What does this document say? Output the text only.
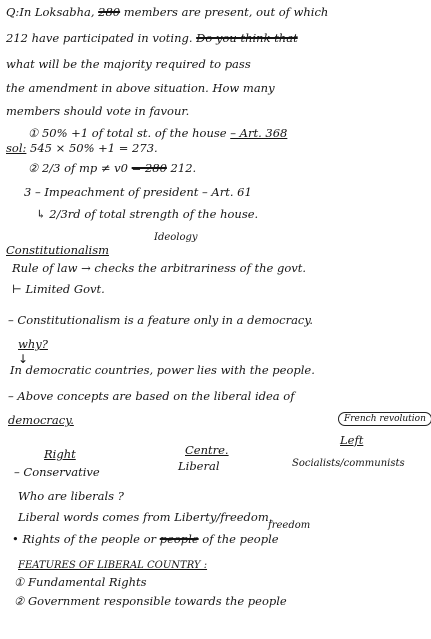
Q:In Loksabha, 280 members are present, out of which
212 have participated in voting. Do you think that
what will be the majority required to pass
the amendment in above situation. How many
members should vote in favour.
① 50% +1 of total st. of the house – Art. 368
sol: 545 × 50% +1 = 273.
② 2/3 of mp ≠ v0 = 280 212.
3 – Impeachment of president – Art. 61
↳ 2/3rd of total strength of the house.
Ideology
Constitutionalism
Rule of law → checks the arbitrariness of the govt.
⊢ Limited Govt.
– Constitutionalism is a feature only in a democracy.
why?
↓
In democratic countries, power lies with the people.
– Above concepts are based on the liberal idea of
democracy.	French revolution
Right	Centre.
Left
– Conservative	Liberal	Socialists/communists
Who are liberals ?
Liberal words comes from Liberty/freedom.
freedom
• Rights of the people or people of the people
FEATURES OF LIBERAL COUNTRY :
① Fundamental Rights
② Government responsible towards the people
